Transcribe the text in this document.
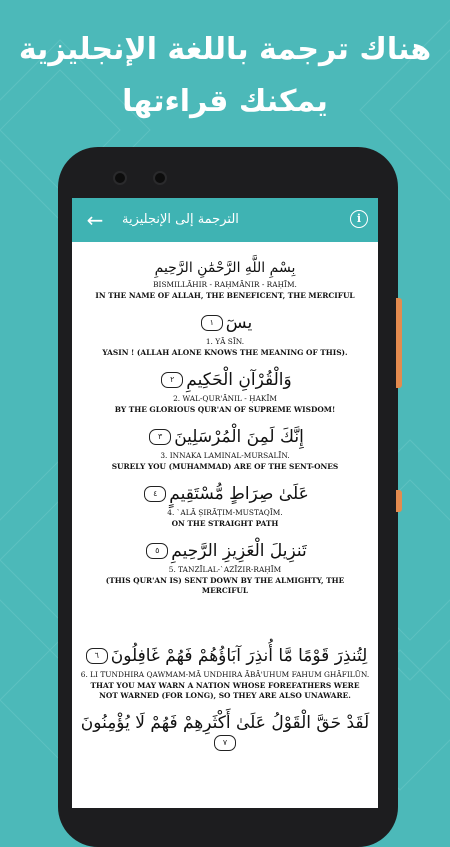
هناك ترجمة باللغة الإنجليزية
يمكنك قراءتها
←	الترجمة إلى الإنجليزية	i
بِسْمِ اللَّهِ الرَّحْمَٰنِ الرَّحِيمِ
BISMILLĀHIR - RAḤMĀNIR - RAḤĪM.
IN THE NAME OF ALLAH, THE BENEFICENT, THE MERCIFUL
يسٓ١
1. YĀ SĪN.
YASIN ! (ALLAH ALONE KNOWS THE MEANING OF THIS).
وَالْقُرْآنِ الْحَكِيمِ٢
2. WAL-QUR'ĀNIL - ḤAKĪM
BY THE GLORIOUS QUR'AN OF SUPREME WISDOM!
إِنَّكَ لَمِنَ الْمُرْسَلِينَ٣
3. INNAKA LAMINAL-MURSALĪN.
SURELY YOU (MUHAMMAD) ARE OF THE SENT-ONES
عَلَىٰ صِرَاطٍ مُّسْتَقِيمٍ٤
4. `ALĀ ṢIRĀṬIM-MUSTAQĪM.
ON THE STRAIGHT PATH
تَنزِيلَ الْعَزِيزِ الرَّحِيمِ٥
5. TANZĪLAL-`AZĪZIR-RAḤĪM
(THIS QUR'AN IS) SENT DOWN BY THE ALMIGHTY, THE MERCIFUL
لِتُنذِرَ قَوْمًا مَّا أُنذِرَ آبَاؤُهُمْ فَهُمْ غَافِلُونَ٦
6. LI TUNDHIRA QAWMAM-MĀ UNDHIRA ĀBĀ'UHUM FAHUM GHĀFILŪN.
THAT YOU MAY WARN A NATION WHOSE FOREFATHERS WERE NOT WARNED (FOR LONG), SO THEY ARE ALSO UNAWARE.
لَقَدْ حَقَّ الْقَوْلُ عَلَىٰ أَكْثَرِهِمْ فَهُمْ لَا يُؤْمِنُونَ٧
